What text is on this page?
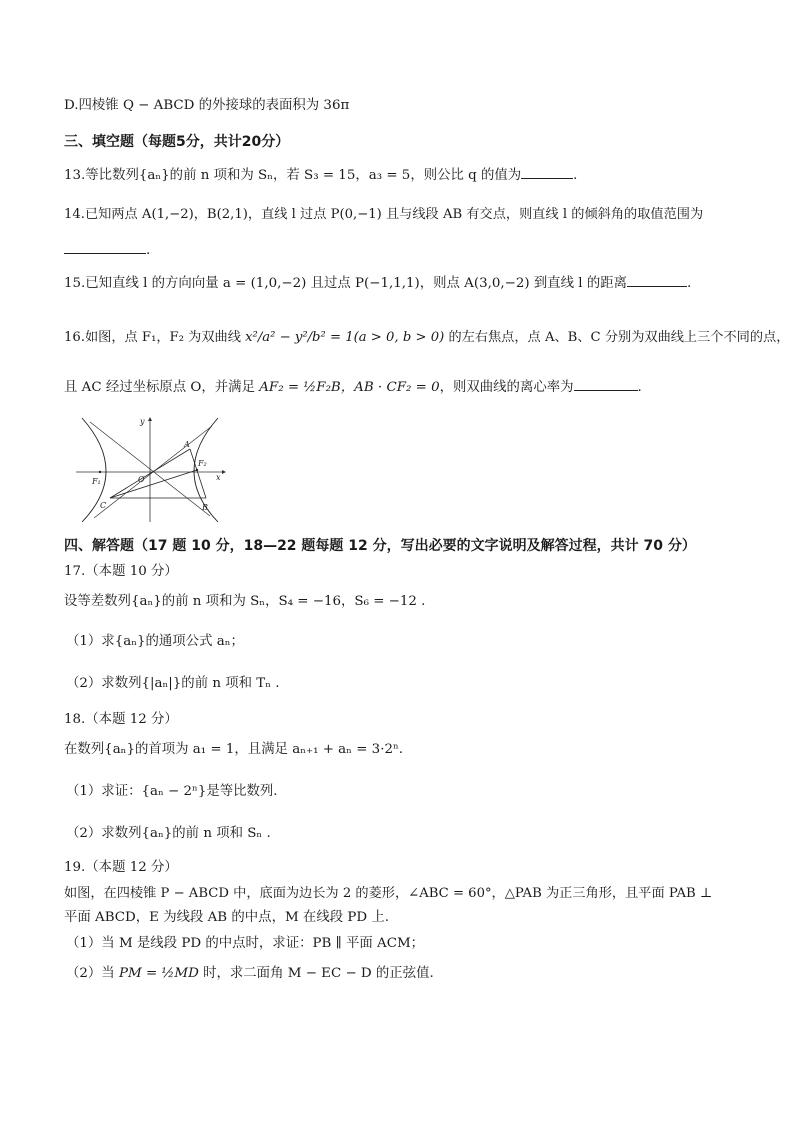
D.四棱锥 Q − ABCD 的外接球的表面积为 36π
三、填空题（每题5分，共计20分）
13.等比数列{aₙ}的前 n 项和为 Sₙ，若 S₃ = 15，a₃ = 5，则公比 q 的值为	.
14.已知两点 A(1,−2)，B(2,1)，直线 l 过点 P(0,−1) 且与线段 AB 有交点，则直线 l 的倾斜角的取值范围为
.
15.已知直线 l 的方向向量 a = (1,0,−2) 且过点 P(−1,1,1)，则点 A(3,0,−2) 到直线 l 的距离	.
16.如图，点 F₁，F₂ 为双曲线 x²/a² − y²/b² = 1(a > 0, b > 0) 的左右焦点，点 A、B、C 分别为双曲线上三个不同的点，
且 AC 经过坐标原点 O，并满足 AF₂ = ½F₂B，AB · CF₂ = 0，则双曲线的离心率为	.
y
x
A
F₂
F₁	O
C	B
四、解答题（17 题 10 分，18—22 题每题 12 分，写出必要的文字说明及解答过程，共计 70 分）
17.（本题 10 分）
设等差数列{aₙ}的前 n 项和为 Sₙ，S₄ = −16，S₆ = −12 .
（1）求{aₙ}的通项公式 aₙ；
（2）求数列{|aₙ|}的前 n 项和 Tₙ .
18.（本题 12 分）
在数列{aₙ}的首项为 a₁ = 1，且满足 aₙ₊₁ + aₙ = 3·2ⁿ.
（1）求证：{aₙ − 2ⁿ}是等比数列.
（2）求数列{aₙ}的前 n 项和 Sₙ .
19.（本题 12 分）
如图，在四棱锥 P − ABCD 中，底面为边长为 2 的菱形，∠ABC = 60°，△PAB 为正三角形，且平面 PAB ⊥
平面 ABCD，E 为线段 AB 的中点，M 在线段 PD 上.
（1）当 M 是线段 PD 的中点时，求证：PB ∥ 平面 ACM；
（2）当 PM = ½MD 时，求二面角 M − EC − D 的正弦值.
